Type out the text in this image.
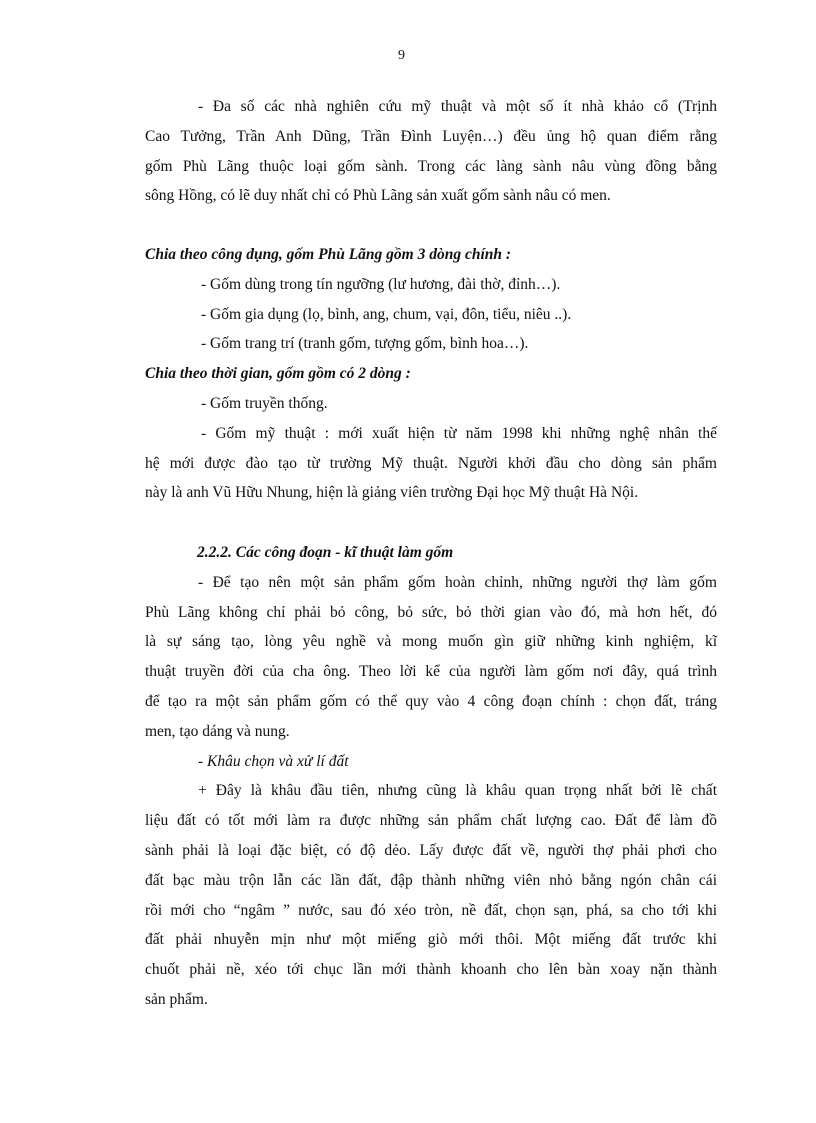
9
- Đa số các nhà nghiên cứu mỹ thuật và một số ít nhà khảo cổ (Trịnh
Cao Tưởng, Trần Anh Dũng, Trần Đình Luyện…) đều ủng hộ quan điểm rằng
gốm Phù Lãng thuộc loại gốm sành. Trong các làng sành nâu vùng đồng bằng
sông Hồng, có lẽ duy nhất chỉ có Phù Lãng sản xuất gốm sành nâu có men.
Chia theo công dụng, gốm Phù Lãng gồm 3 dòng chính :
- Gốm dùng trong tín ngưỡng (lư hương, đài thờ, đỉnh…).
- Gốm gia dụng (lọ, bình, ang, chum, vại, đôn, tiểu, niêu ..).
- Gốm trang trí (tranh gốm, tượng gốm, bình hoa…).
Chia theo thời gian, gốm gồm có 2 dòng :
- Gốm truyền thống.
- Gốm mỹ thuật : mới xuất hiện từ năm 1998 khi những nghệ nhân thế
hệ mới được đào tạo từ trường Mỹ thuật. Người khởi đầu cho dòng sản phẩm
này là anh Vũ Hữu Nhung, hiện là giảng viên trường Đại học Mỹ thuật Hà Nội.
2.2.2. Các công đoạn - kĩ thuật làm gốm
- Để tạo nên một sản phẩm gốm hoàn chỉnh, những người thợ làm gốm
Phù Lãng không chỉ phải bỏ công, bỏ sức, bỏ thời gian vào đó, mà hơn hết, đó
là sự sáng tạo, lòng yêu nghề và mong muốn gìn giữ những kinh nghiệm, kĩ
thuật truyền đời của cha ông. Theo lời kể của người làm gốm nơi đây, quá trình
để tạo ra một sản phẩm gốm có thể quy vào 4 công đoạn chính : chọn đất, tráng
men, tạo dáng và nung.
- Khâu chọn và xử lí đất
+ Đây là khâu đầu tiên, nhưng cũng là khâu quan trọng nhất bởi lẽ chất
liệu đất có tốt mới làm ra được những sản phẩm chất lượng cao. Đất để làm đồ
sành phải là loại đặc biệt, có độ dẻo. Lấy được đất về, người thợ phải phơi cho
đất bạc màu trộn lẫn các lần đất, đập thành những viên nhỏ bằng ngón chân cái
rồi mới cho “ngâm ” nước, sau đó xéo tròn, nề đất, chọn sạn, phá, sa cho tới khi
đất phải nhuyễn mịn như một miếng giò mới thôi. Một miếng đất trước khi
chuốt phải nề, xéo tới chục lần mới thành khoanh cho lên bàn xoay nặn thành
sản phẩm.
